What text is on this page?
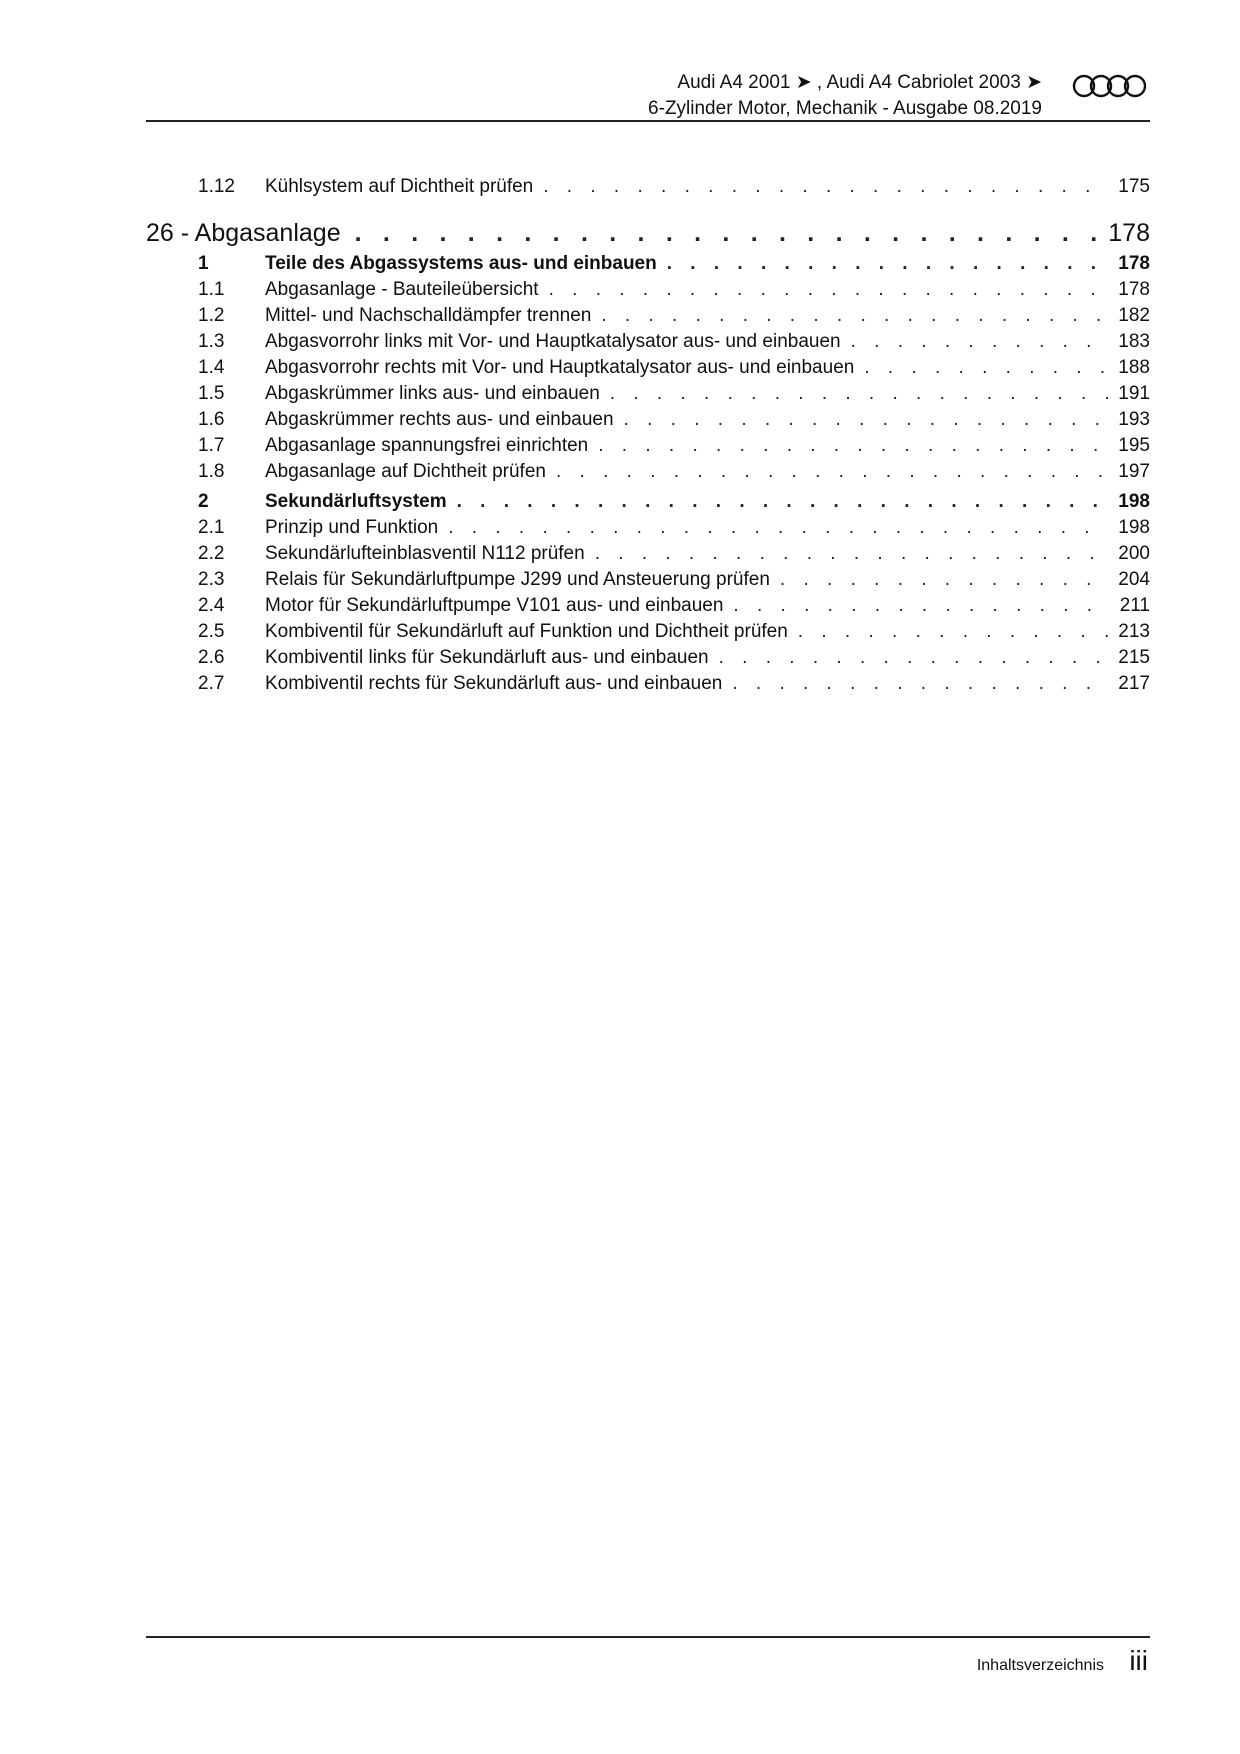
Audi A4 2001 ➤ , Audi A4 Cabriolet 2003 ➤
6-Zylinder Motor, Mechanik - Ausgabe 08.2019
1.12 Kühlsystem auf Dichtheit prüfen . . .	175
26 - Abgasanlage . . .	178
1	Teile des Abgassystems aus- und einbauen . . .	178
1.1 Abgasanlage - Bauteileübersicht . . .	178
1.2 Mittel- und Nachschalldämpfer trennen . . .	182
1.3 Abgasvorrohr links mit Vor- und Hauptkatalysator aus- und einbauen . . .	183
1.4 Abgasvorrohr rechts mit Vor- und Hauptkatalysator aus- und einbauen . . .	188
1.5 Abgaskrümmer links aus- und einbauen . . .	191
1.6 Abgaskrümmer rechts aus- und einbauen . . .	193
1.7 Abgasanlage spannungsfrei einrichten . . .	195
1.8 Abgasanlage auf Dichtheit prüfen . . .	197
2	Sekundärluftsystem . . .	198
2.1 Prinzip und Funktion . . .	198
2.2 Sekundärlufteinblasventil N112 prüfen . . .	200
2.3 Relais für Sekundärluftpumpe J299 und Ansteuerung prüfen . . .	204
2.4 Motor für Sekundärluftpumpe V101 aus- und einbauen . . .	211
2.5 Kombiventil für Sekundärluft auf Funktion und Dichtheit prüfen . . .	213
2.6 Kombiventil links für Sekundärluft aus- und einbauen . . .	215
2.7 Kombiventil rechts für Sekundärluft aus- und einbauen . . .	217
Inhaltsverzeichnis iii
